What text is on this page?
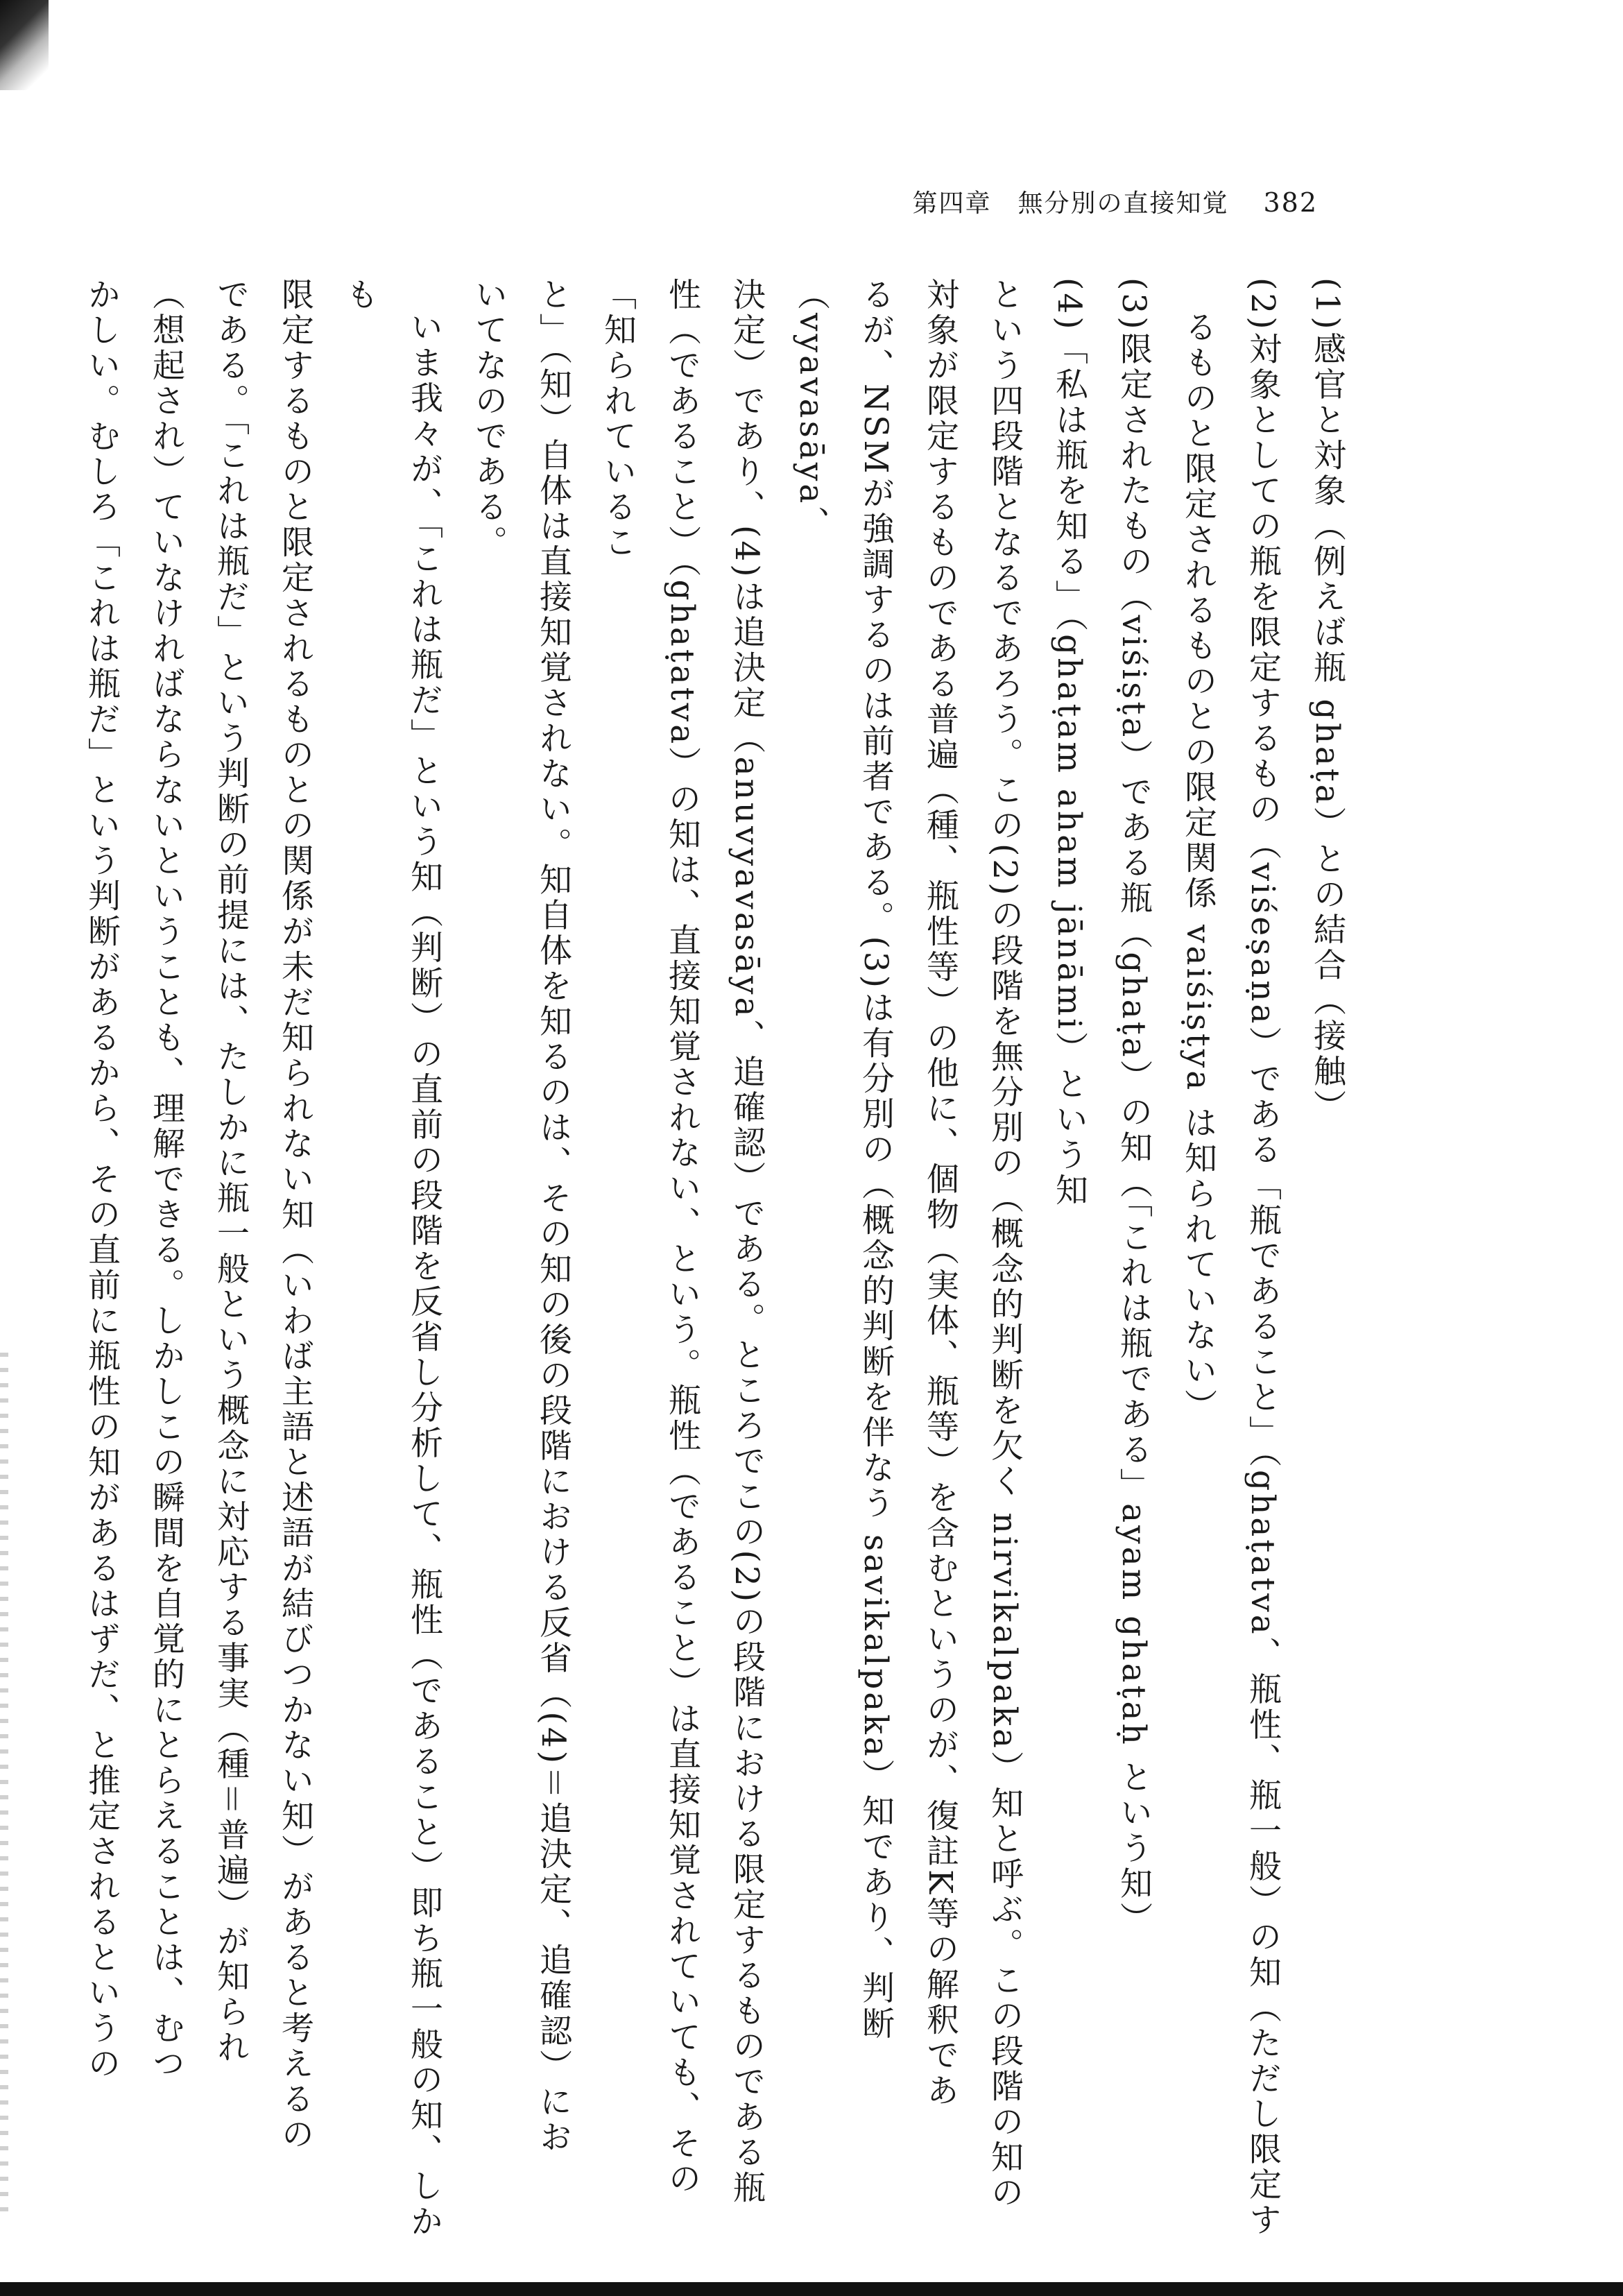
第四章　無分別の直接知覚 382
(1)感官と対象（例えば瓶 ghaṭa）との結合（接触）
(2)対象としての瓶を限定するもの（viśeṣaṇa）である「瓶であること」（ghaṭatva、瓶性、瓶一般）の知（ただし限定す
るものと限定されるものとの限定関係 vaiśiṣṭya は知られていない）
(3)限定されたもの（viśiṣṭa）である瓶（ghaṭa）の知（「これは瓶である」ayam ghaṭaḥ という知）
(4)「私は瓶を知る」（ghaṭam aham jānāmi）という知
という四段階となるであろう。この(2)の段階を無分別の（概念的判断を欠く nirvikalpaka）知と呼ぶ。この段階の知の
対象が限定するものである普遍（種、瓶性等）の他に、個物（実体、瓶等）を含むというのが、復註K等の解釈であ
るが、NSMが強調するのは前者である。(3)は有分別の（概念的判断を伴なう savikalpaka）知であり、判断（vyavasāya、
決定）であり、(4)は追決定（anuvyavasāya、追確認）である。ところでこの(2)の段階における限定するものである瓶
性（であること）（ghaṭatva）の知は、直接知覚されない、という。瓶性（であること）は直接知覚されていても、その「知られているこ
と」（知）自体は直接知覚されない。知自体を知るのは、その知の後の段階における反省（(4)＝追決定、追確認）にお
いてなのである。
いま我々が、「これは瓶だ」という知（判断）の直前の段階を反省し分析して、瓶性（であること）即ち瓶一般の知、しかも
限定するものと限定されるものとの関係が未だ知られない知（いわば主語と述語が結びつかない知）があると考えるの
である。「これは瓶だ」という判断の前提には、たしかに瓶一般という概念に対応する事実（種＝普遍）が知られ
（想起され）ていなければならないということも、理解できる。しかしこの瞬間を自覚的にとらえることは、むつ
かしい。むしろ「これは瓶だ」という判断があるから、その直前に瓶性の知があるはずだ、と推定されるというの
